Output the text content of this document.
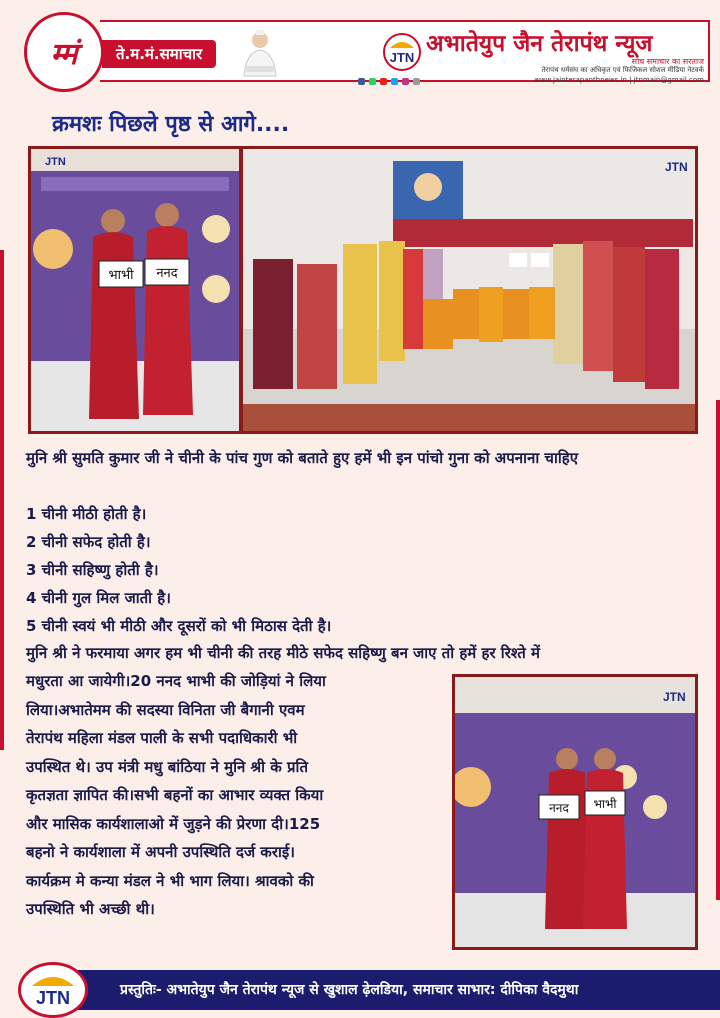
म्मं	ते.म.मं.समाचार	JTN
अभातेयुप जैन तेरापंथ न्यूज
सोच समाचार का सरताज
तेरापंथ धर्मसंघ का अधिकृत एवं फिजिकल सोशल मीडिया नेटवर्क
www.jainterapanthnews.in | jtnmain@gmail.com
क्रमशः पिछले पृष्ठ से आगे....
भाभी ननद
JTN	JTN
मुनि श्री सुमति कुमार जी ने चीनी के पांच गुण को बताते हुए हमें भी इन पांचो गुना को अपनाना चाहिए
1 चीनी मीठी होती है।
2 चीनी सफेद होती है।
3 चीनी सहिष्णु होती है।
4 चीनी गुल मिल जाती है।
5 चीनी स्वयं भी मीठी और दूसरों को भी मिठास देती है।
मुनि श्री ने फरमाया अगर हम भी चीनी की तरह मीठे सफेद सहिष्णु बन जाए तो हमें हर रिश्ते में
मधुरता आ जायेगी।20 ननद भाभी की जोड़ियां ने लिया
लिया।अभातेमम की सदस्या विनिता जी बैगानी एवम
तेरापंथ महिला मंडल पाली के सभी पदाधिकारी भी
उपस्थित थे। उप मंत्री मधु बांठिया ने मुनि श्री के प्रति
कृतज्ञता ज्ञापित की।सभी बहनों का आभार व्यक्त किया
और मासिक कार्यशालाओ में जुड़ने की प्रेरणा दी।125
बहनो ने कार्यशाला में अपनी उपस्थिति दर्ज कराई।
कार्यक्रम मे कन्या मंडल ने भी भाग लिया। श्रावको की
उपस्थिति भी अच्छी थी।
ननद भाभी
JTN
JTN	प्रस्तुतिः- अभातेयुप जैन तेरापंथ न्यूज से खुशाल ढ़ेलडिया, समाचार साभार: दीपिका वैदमुथा
